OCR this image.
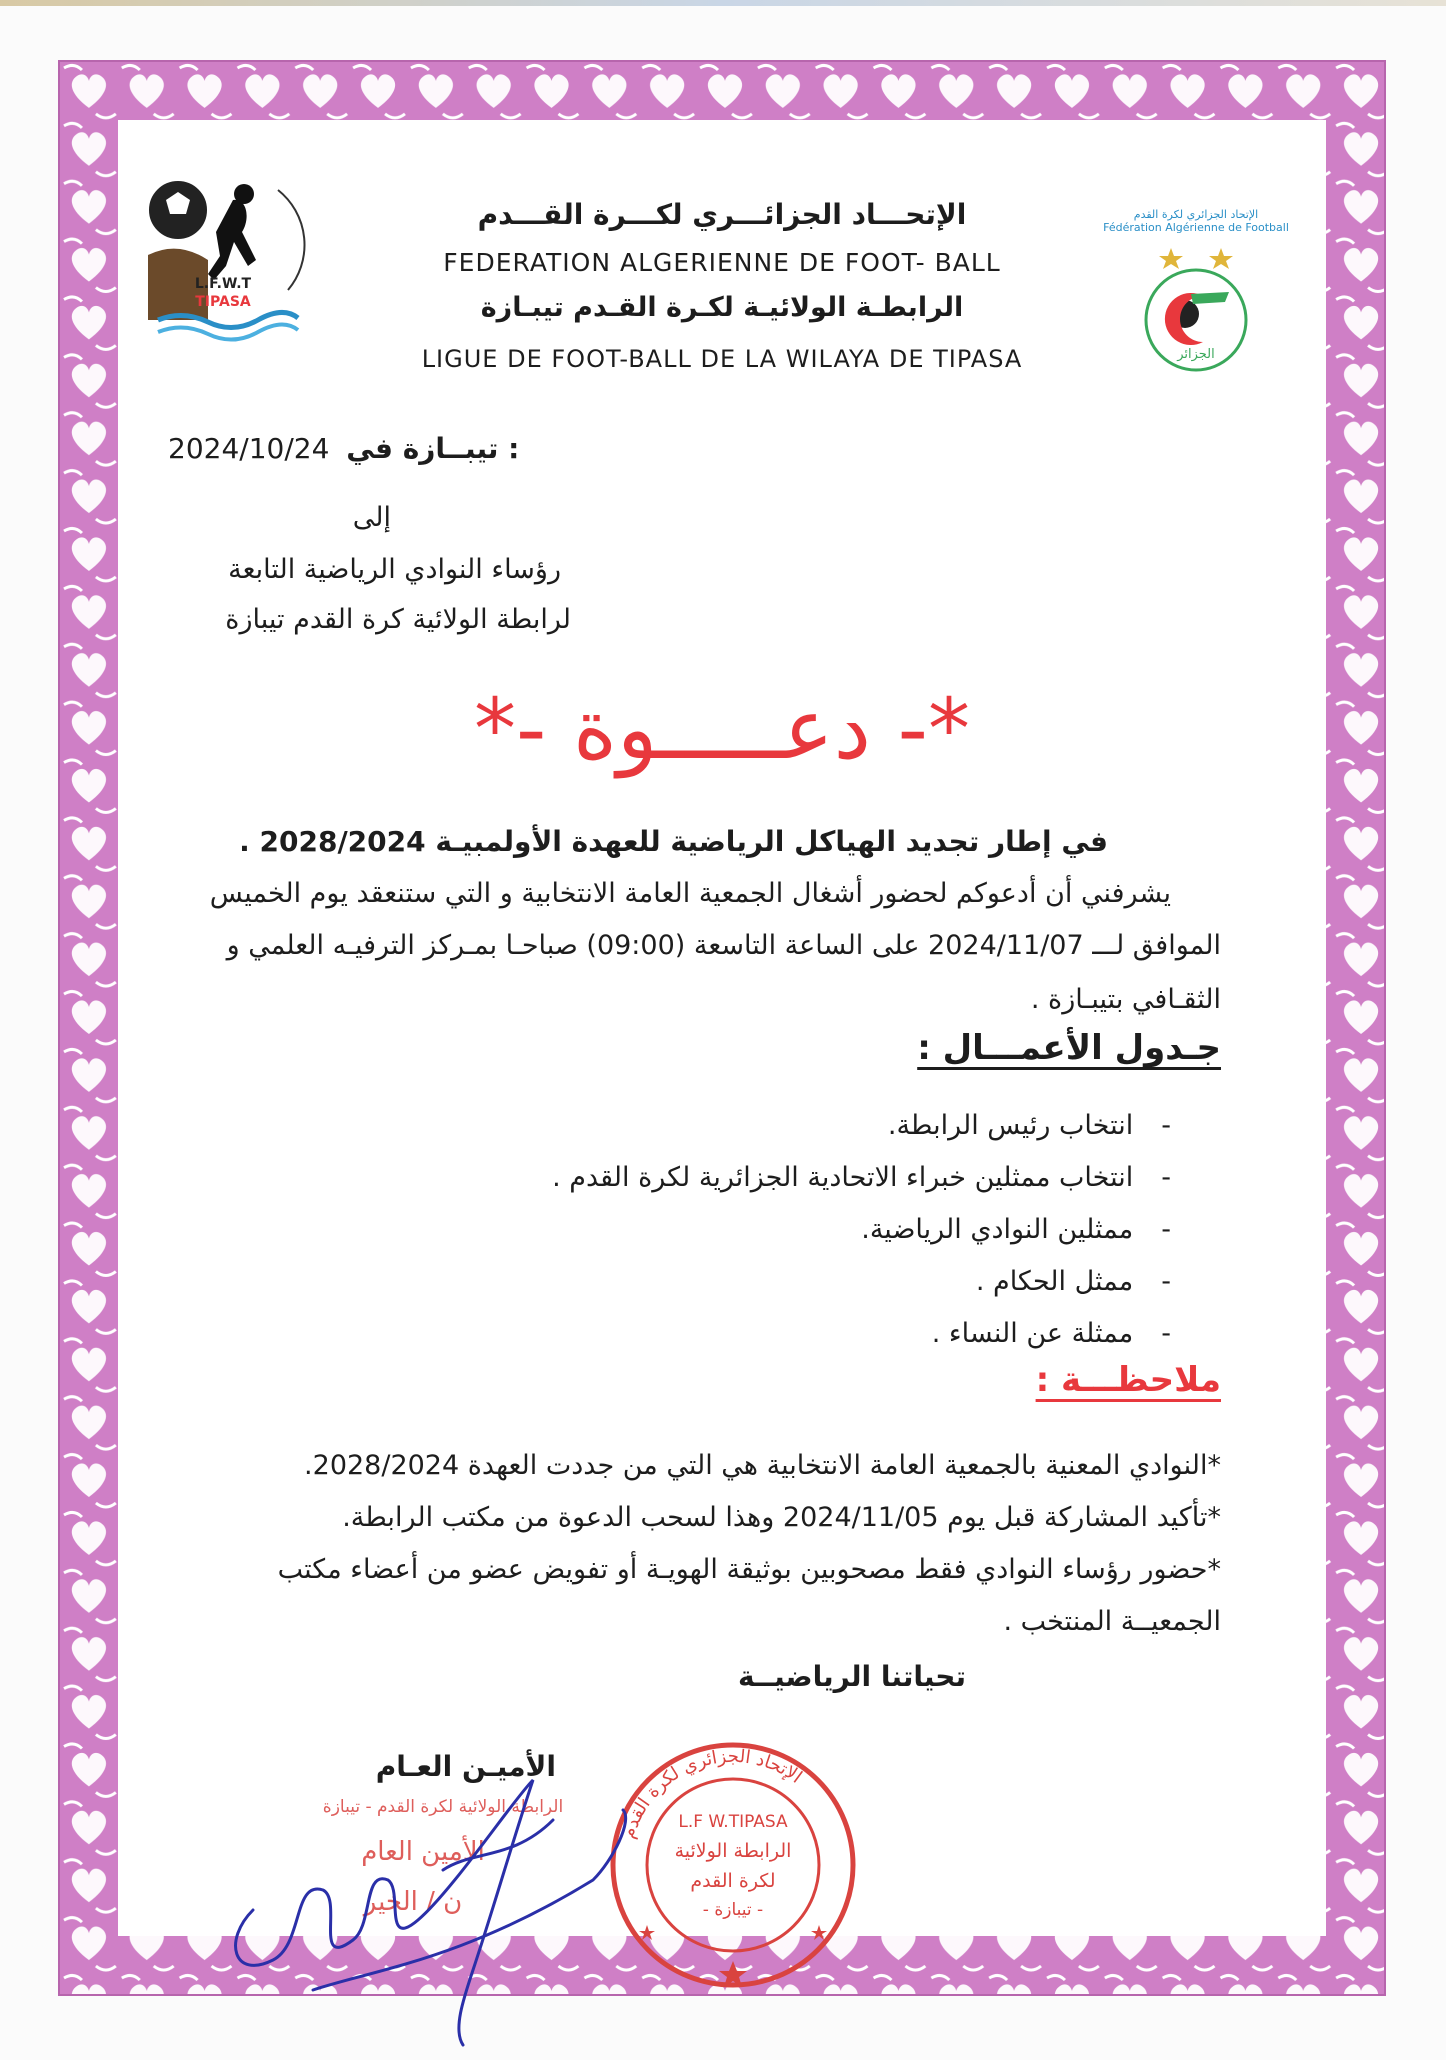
L.F.W.T
TIPASA
الإتحاد الجزائري لكرة القدم
Fédération Algérienne de Football
الجزائر
الإتحـــاد الجزائـــري لكـــرة القـــدم
FEDERATION ALGERIENNE DE FOOT- BALL
الرابطـة الولائيـة لكـرة القـدم تيبـازة
LIGUE DE FOOT-BALL DE LA WILAYA DE TIPASA
2024/10/24 تيبــازة في :
إلى
رؤساء النوادي الرياضية التابعة
لرابطة الولائية كرة القدم تيبازة
*- دعـــــوة -*
في إطار تجديد الهياكل الرياضية للعهدة الأولمبيـة 2028/2024 .
يشرفني أن أدعوكم لحضور أشغال الجمعية العامة الانتخابية و التي ستنعقد يوم الخميس
الموافق لـــ 2024/11/07 على الساعة التاسعة (09:00) صباحـا بمـركز الترفيـه العلمي و
الثقـافي بتيبـازة .
جـدول الأعمـــال :
-انتخاب رئيس الرابطة.
-انتخاب ممثلين خبراء الاتحادية الجزائرية لكرة القدم .
-ممثلين النوادي الرياضية.
-ممثل الحكام .
-ممثلة عن النساء .
ملاحظـــة :
*النوادي المعنية بالجمعية العامة الانتخابية هي التي من جددت العهدة 2028/2024.
*تأكيد المشاركة قبل يوم 2024/11/05 وهذا لسحب الدعوة من مكتب الرابطة.
*حضور رؤساء النوادي فقط مصحوبين بوثيقة الهويـة أو تفويض عضو من أعضاء مكتب
الجمعيــة المنتخب .
تحياتنا الرياضيــة
الأميـن العـام
الإتحاد الجزائري لكرة القدم
L.F W.TIPASA
الرابطة الولائية
لكرة القدم
- تيبازة -
الرابطة الولائية لكرة القدم - تيبازة
الأمين العام
ن / الخير
